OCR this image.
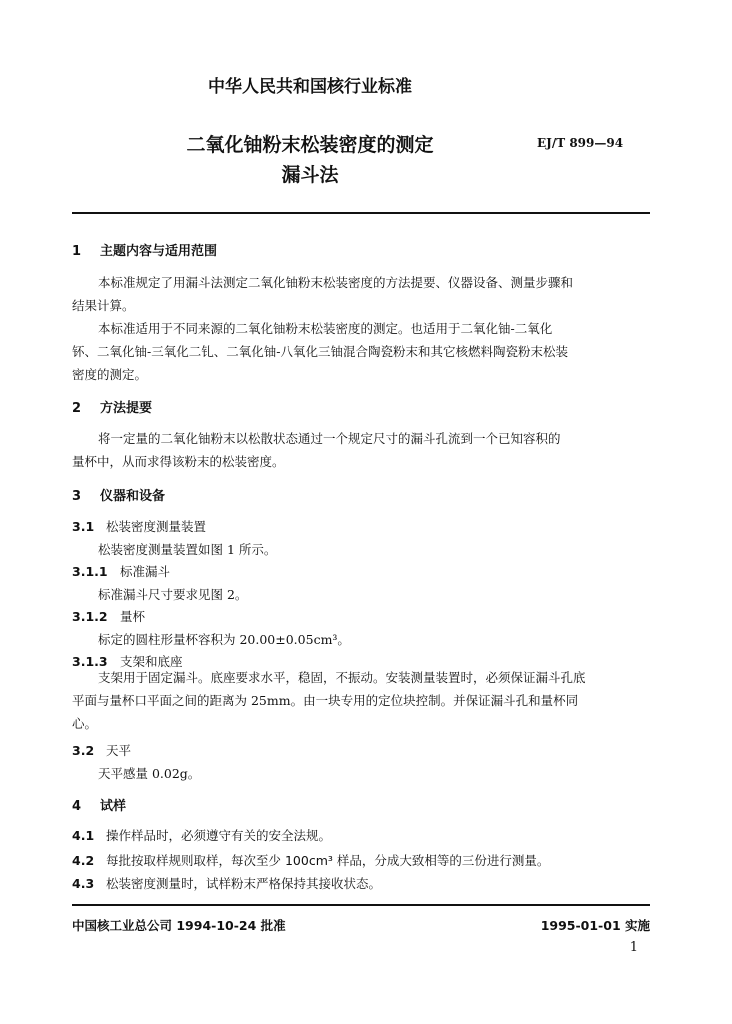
中华人民共和国核行业标准
二氧化铀粉末松装密度的测定
漏斗法
EJ/T 899—94
1 主题内容与适用范围
本标准规定了用漏斗法测定二氧化铀粉末松装密度的方法提要、仪器设备、测量步骤和
结果计算。
本标准适用于不同来源的二氧化铀粉末松装密度的测定。也适用于二氧化铀-二氧化
钚、二氧化铀-三氧化二钆、二氧化铀-八氧化三铀混合陶瓷粉末和其它核燃料陶瓷粉末松装
密度的测定。
2 方法提要
将一定量的二氧化铀粉末以松散状态通过一个规定尺寸的漏斗孔流到一个已知容积的
量杯中，从而求得该粉末的松装密度。
3 仪器和设备
3.1 松装密度测量装置
松装密度测量装置如图 1 所示。
3.1.1 标准漏斗
标准漏斗尺寸要求见图 2。
3.1.2 量杯
标定的圆柱形量杯容积为 20.00±0.05cm³。
3.1.3 支架和底座
支架用于固定漏斗。底座要求水平，稳固，不振动。安装测量装置时，必须保证漏斗孔底
平面与量杯口平面之间的距离为 25mm。由一块专用的定位块控制。并保证漏斗孔和量杯同
心。
3.2 天平
天平感量 0.02g。
4 试样
4.1 操作样品时，必须遵守有关的安全法规。
4.2 每批按取样规则取样，每次至少 100cm³ 样品，分成大致相等的三份进行测量。
4.3 松装密度测量时，试样粉末严格保持其接收状态。
中国核工业总公司 1994-10-24 批准	1995-01-01 实施
1
